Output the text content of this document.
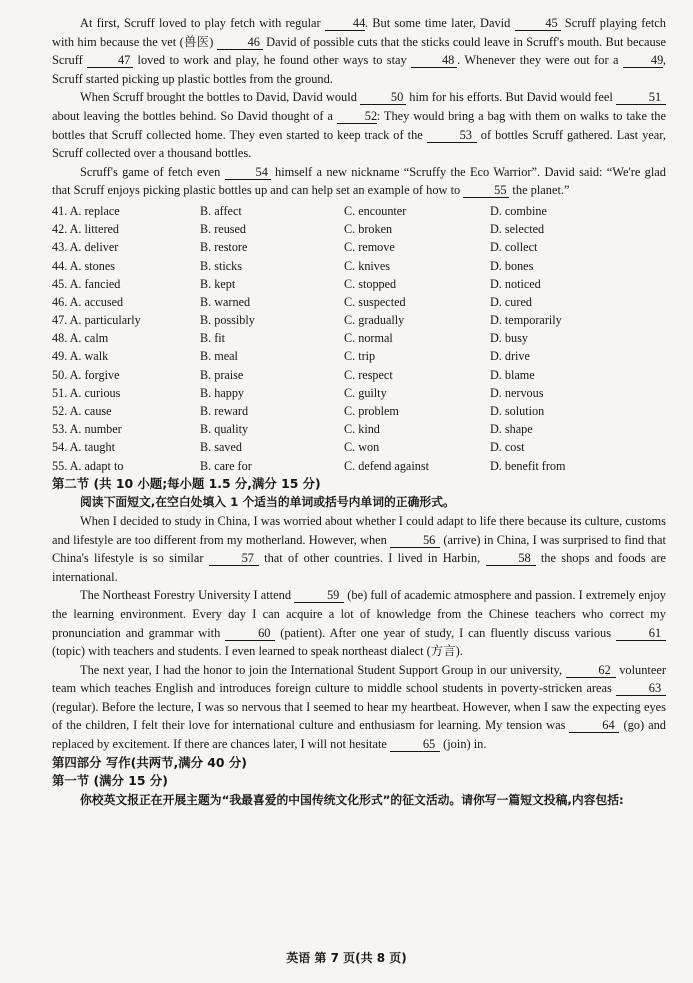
At first, Scruff loved to play fetch with regular 44. But some time later, David 45 Scruff playing fetch with him because the vet (兽医) 46 David of possible cuts that the sticks could leave in Scruff's mouth. But because Scruff 47 loved to work and play, he found other ways to stay 48 . Whenever they were out for a 49, Scruff started picking up plastic bottles from the ground.

When Scruff brought the bottles to David, David would 50 him for his efforts. But David would feel	51 about leaving the bottles behind. So David thought of a 52: They would bring a bag with them on walks to take the bottles that Scruff collected home. They even started to keep track of the	53 of bottles Scruff gathered. Last year, Scruff collected over a thousand bottles.

Scruff's game of fetch even 54 himself a new nickname “Scruffy the Eco Warrior”. David said: “We're glad that Scruff enjoys picking plastic bottles up and can help set an example of how to 55 the planet.”

41. A. replace	B. affect	C. encounter	D. combine
42. A. littered	B. reused	C. broken	D. selected
43. A. deliver	B. restore	C. remove	D. collect
44. A. stones	B. sticks	C. knives	D. bones
45. A. fancied	B. kept	C. stopped	D. noticed
46. A. accused	B. warned	C. suspected	D. cured
47. A. particularly	B. possibly	C. gradually	D. temporarily
48. A. calm	B. fit	C. normal	D. busy
49. A. walk	B. meal	C. trip	D. drive
50. A. forgive	B. praise	C. respect	D. blame
51. A. curious	B. happy	C. guilty	D. nervous
52. A. cause	B. reward	C. problem	D. solution
53. A. number	B. quality	C. kind	D. shape
54. A. taught	B. saved	C. won	D. cost
55. A. adapt to	B. care for	C. defend against	D. benefit from

第二节 (共 10 小题;每小题 1.5 分,满分 15 分)

阅读下面短文,在空白处填入 1 个适当的单词或括号内单词的正确形式。

When I decided to study in China, I was worried about whether I could adapt to life there because its culture, customs and lifestyle are too different from my motherland. However, when	56 (arrive) in China, I was surprised to find that China's lifestyle is so similar	57 that of other countries. I lived in Harbin,	58 the shops and foods are international.

The Northeast Forestry University I attend	59 (be) full of academic atmosphere and passion. I extremely enjoy the learning environment. Every day I can acquire a lot of knowledge from the Chinese teachers who correct my pronunciation and grammar with	60 (patient). After one year of study, I can fluently discuss various	61 (topic) with teachers and students. I even learned to speak northeast dialect (方言).

The next year, I had the honor to join the International Student Support Group in our university,	62 volunteer team which teaches English and introduces foreign culture to middle school students in poverty-stricken areas	63 (regular). Before the lecture, I was so nervous that I seemed to hear my heartbeat. However, when I saw the expecting eyes of the children, I felt their love for international culture and enthusiasm for learning. My tension was	64 (go) and replaced by excitement. If there are chances later, I will not hesitate	65 (join) in.

第四部分 写作(共两节,满分 40 分)

第一节 (满分 15 分)

你校英文报正在开展主题为“我最喜爱的中国传统文化形式”的征文活动。请你写一篇短文投稿,内容包括:

英语 第 7 页(共 8 页)
